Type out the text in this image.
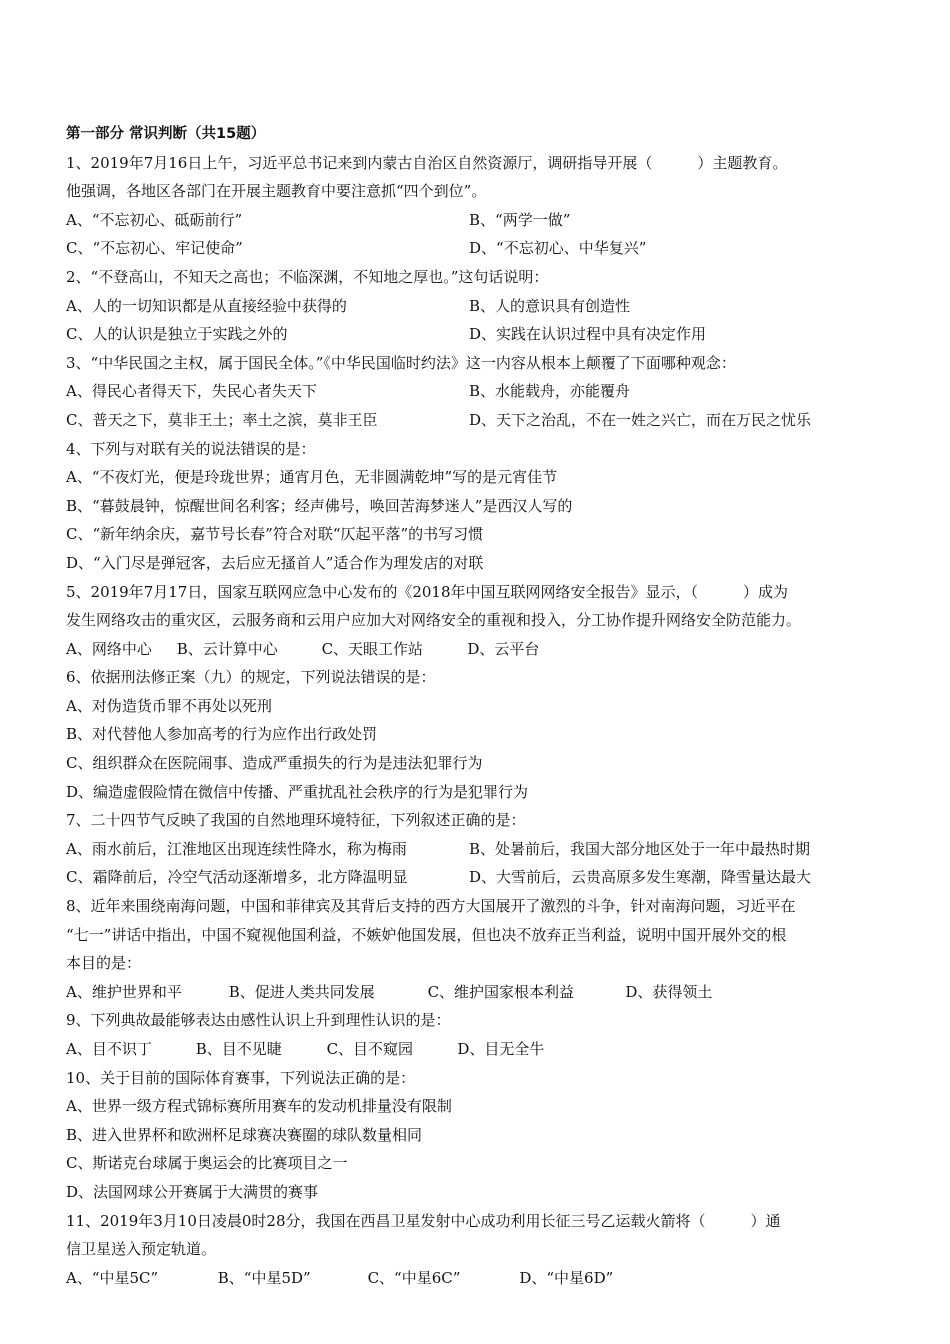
第一部分 常识判断（共15题）
1、2019年7月16日上午，习近平总书记来到内蒙古自治区自然资源厅，调研指导开展（　　　）主题教育。
他强调，各地区各部门在开展主题教育中要注意抓“四个到位”。
A、“不忘初心、砥砺前行”	B、“两学一做”
C、“不忘初心、牢记使命”	D、“不忘初心、中华复兴”
2、“不登高山，不知天之高也；不临深渊，不知地之厚也。”这句话说明：
A、人的一切知识都是从直接经验中获得的	B、人的意识具有创造性
C、人的认识是独立于实践之外的	D、实践在认识过程中具有决定作用
3、“中华民国之主权，属于国民全体。”《中华民国临时约法》这一内容从根本上颠覆了下面哪种观念：
A、得民心者得天下，失民心者失天下	B、水能载舟，亦能覆舟
C、普天之下，莫非王土；率土之滨，莫非王臣	D、天下之治乱，不在一姓之兴亡，而在万民之忧乐
4、下列与对联有关的说法错误的是：
A、“不夜灯光，便是玲珑世界；通宵月色，无非圆满乾坤”写的是元宵佳节
B、“暮鼓晨钟，惊醒世间名利客；经声佛号，唤回苦海梦迷人”是西汉人写的
C、“新年纳余庆，嘉节号长春”符合对联“仄起平落”的书写习惯
D、“入门尽是弹冠客，去后应无搔首人”适合作为理发店的对联
5、2019年7月17日，国家互联网应急中心发布的《2018年中国互联网网络安全报告》显示，（　　　）成为
发生网络攻击的重灾区，云服务商和云用户应加大对网络安全的重视和投入，分工协作提升网络安全防范能力。
A、网络中心 B、云计算中心	C、天眼工作站	D、云平台
6、依据刑法修正案（九）的规定，下列说法错误的是：
A、对伪造货币罪不再处以死刑
B、对代替他人参加高考的行为应作出行政处罚
C、组织群众在医院闹事、造成严重损失的行为是违法犯罪行为
D、编造虚假险情在微信中传播、严重扰乱社会秩序的行为是犯罪行为
7、二十四节气反映了我国的自然地理环境特征，下列叙述正确的是：
A、雨水前后，江淮地区出现连续性降水，称为梅雨	B、处暑前后，我国大部分地区处于一年中最热时期
C、霜降前后，冷空气活动逐渐增多，北方降温明显	D、大雪前后，云贵高原多发生寒潮，降雪量达最大
8、近年来围绕南海问题，中国和菲律宾及其背后支持的西方大国展开了激烈的斗争，针对南海问题，习近平在
“七一”讲话中指出，中国不窥视他国利益，不嫉妒他国发展，但也决不放弃正当利益，说明中国开展外交的根
本目的是：
A、维护世界和平	B、促进人类共同发展	C、维护国家根本利益	D、获得领土
9、下列典故最能够表达由感性认识上升到理性认识的是：
A、目不识丁	B、目不见睫	C、目不窥园	D、目无全牛
10、关于目前的国际体育赛事，下列说法正确的是：
A、世界一级方程式锦标赛所用赛车的发动机排量没有限制
B、进入世界杯和欧洲杯足球赛决赛圈的球队数量相同
C、斯诺克台球属于奥运会的比赛项目之一
D、法国网球公开赛属于大满贯的赛事
11、2019年3月10日凌晨0时28分，我国在西昌卫星发射中心成功利用长征三号乙运载火箭将（　　　）通
信卫星送入预定轨道。
A、“中星5C”	B、“中星5D”	C、“中星6C”	D、“中星6D”
